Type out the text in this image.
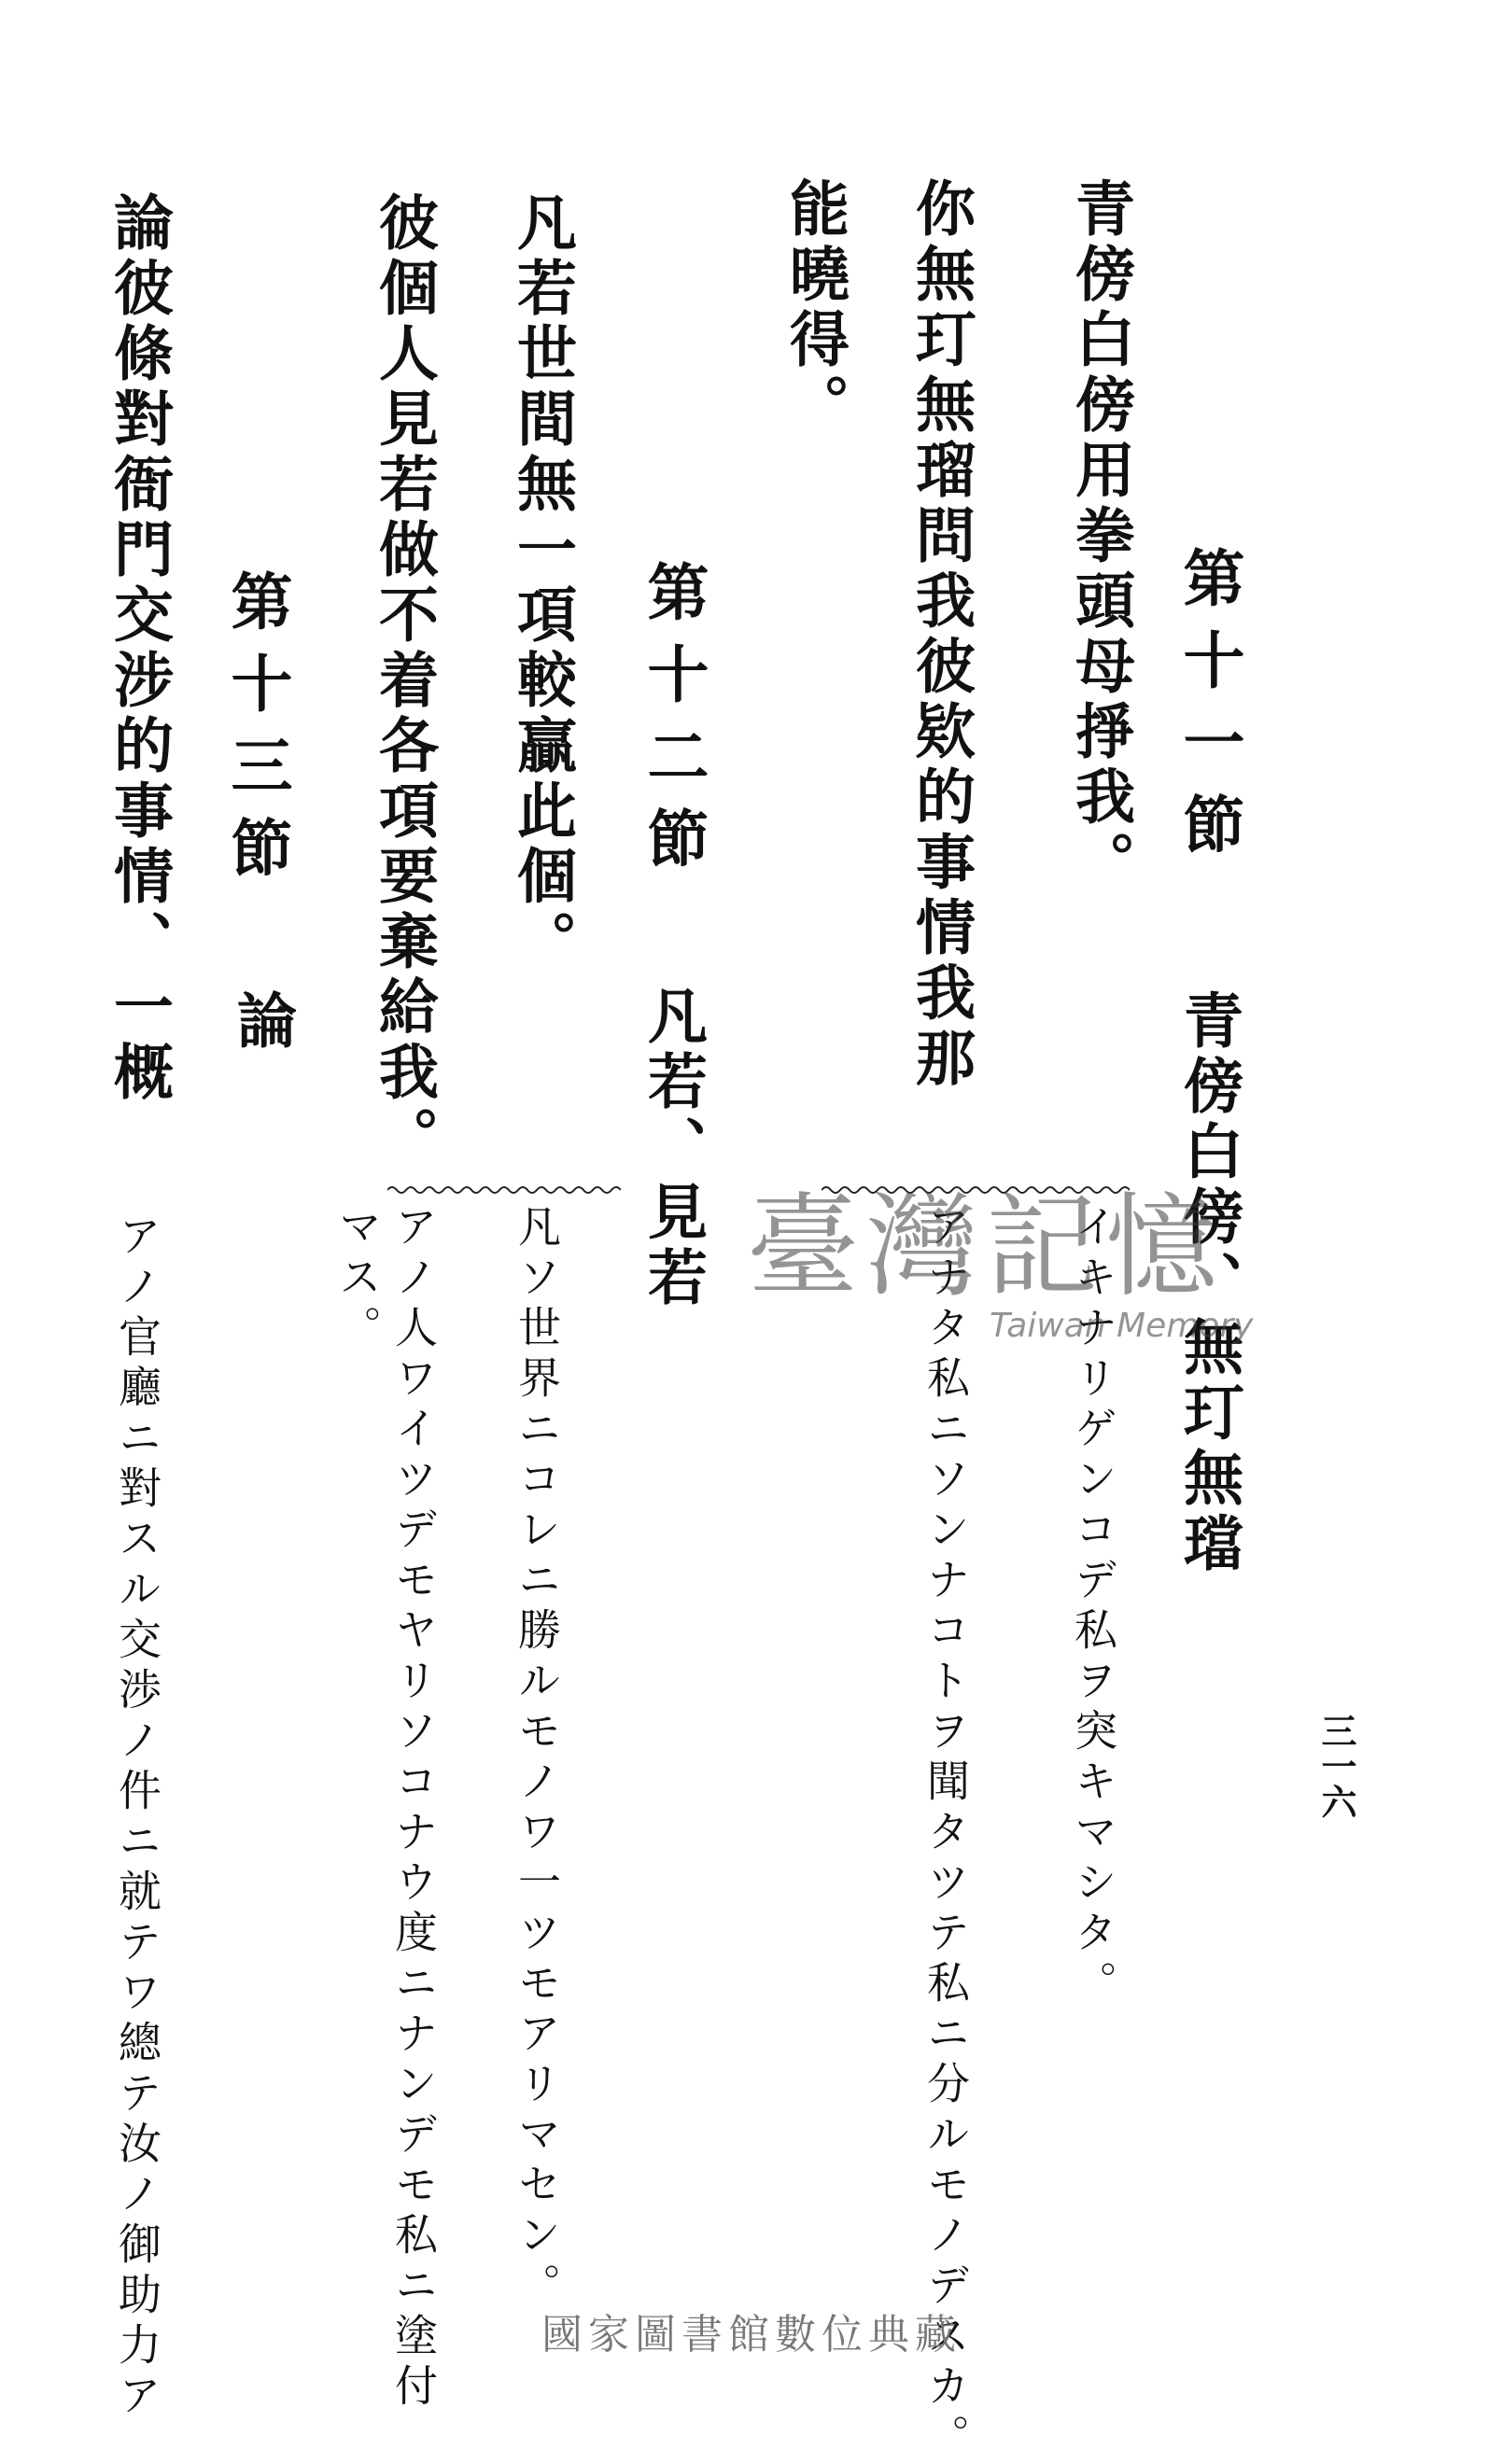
三一六
第十一節
青傍白傍用拳頭母掙我。
你無玎無瑠問我彼欵的事情我那
能曉得。
青傍白傍、無玎無璫
イキナリゲンコデ私ヲ突キマシタ。
アナタ私ニソンナコトヲ聞タツテ私ニ分ルモノデスカ。
第十二節
凡若世間無一項較贏此個。
彼個人見若做不着各項要棄給我。	凡若、見若
凡ソ世界ニコレニ勝ルモノワ一ツモアリマセン。
アノ人ワイツデモヤリソコナウ度ニナンデモ私ニ塗付
マス。
第十三節
論
論彼條對衙門交涉的事情、一概
アノ官廳ニ對スル交渉ノ件ニ就テワ總テ汝ノ御助力ア	臺灣記憶
Taiwan Memory
國家圖書館數位典藏
